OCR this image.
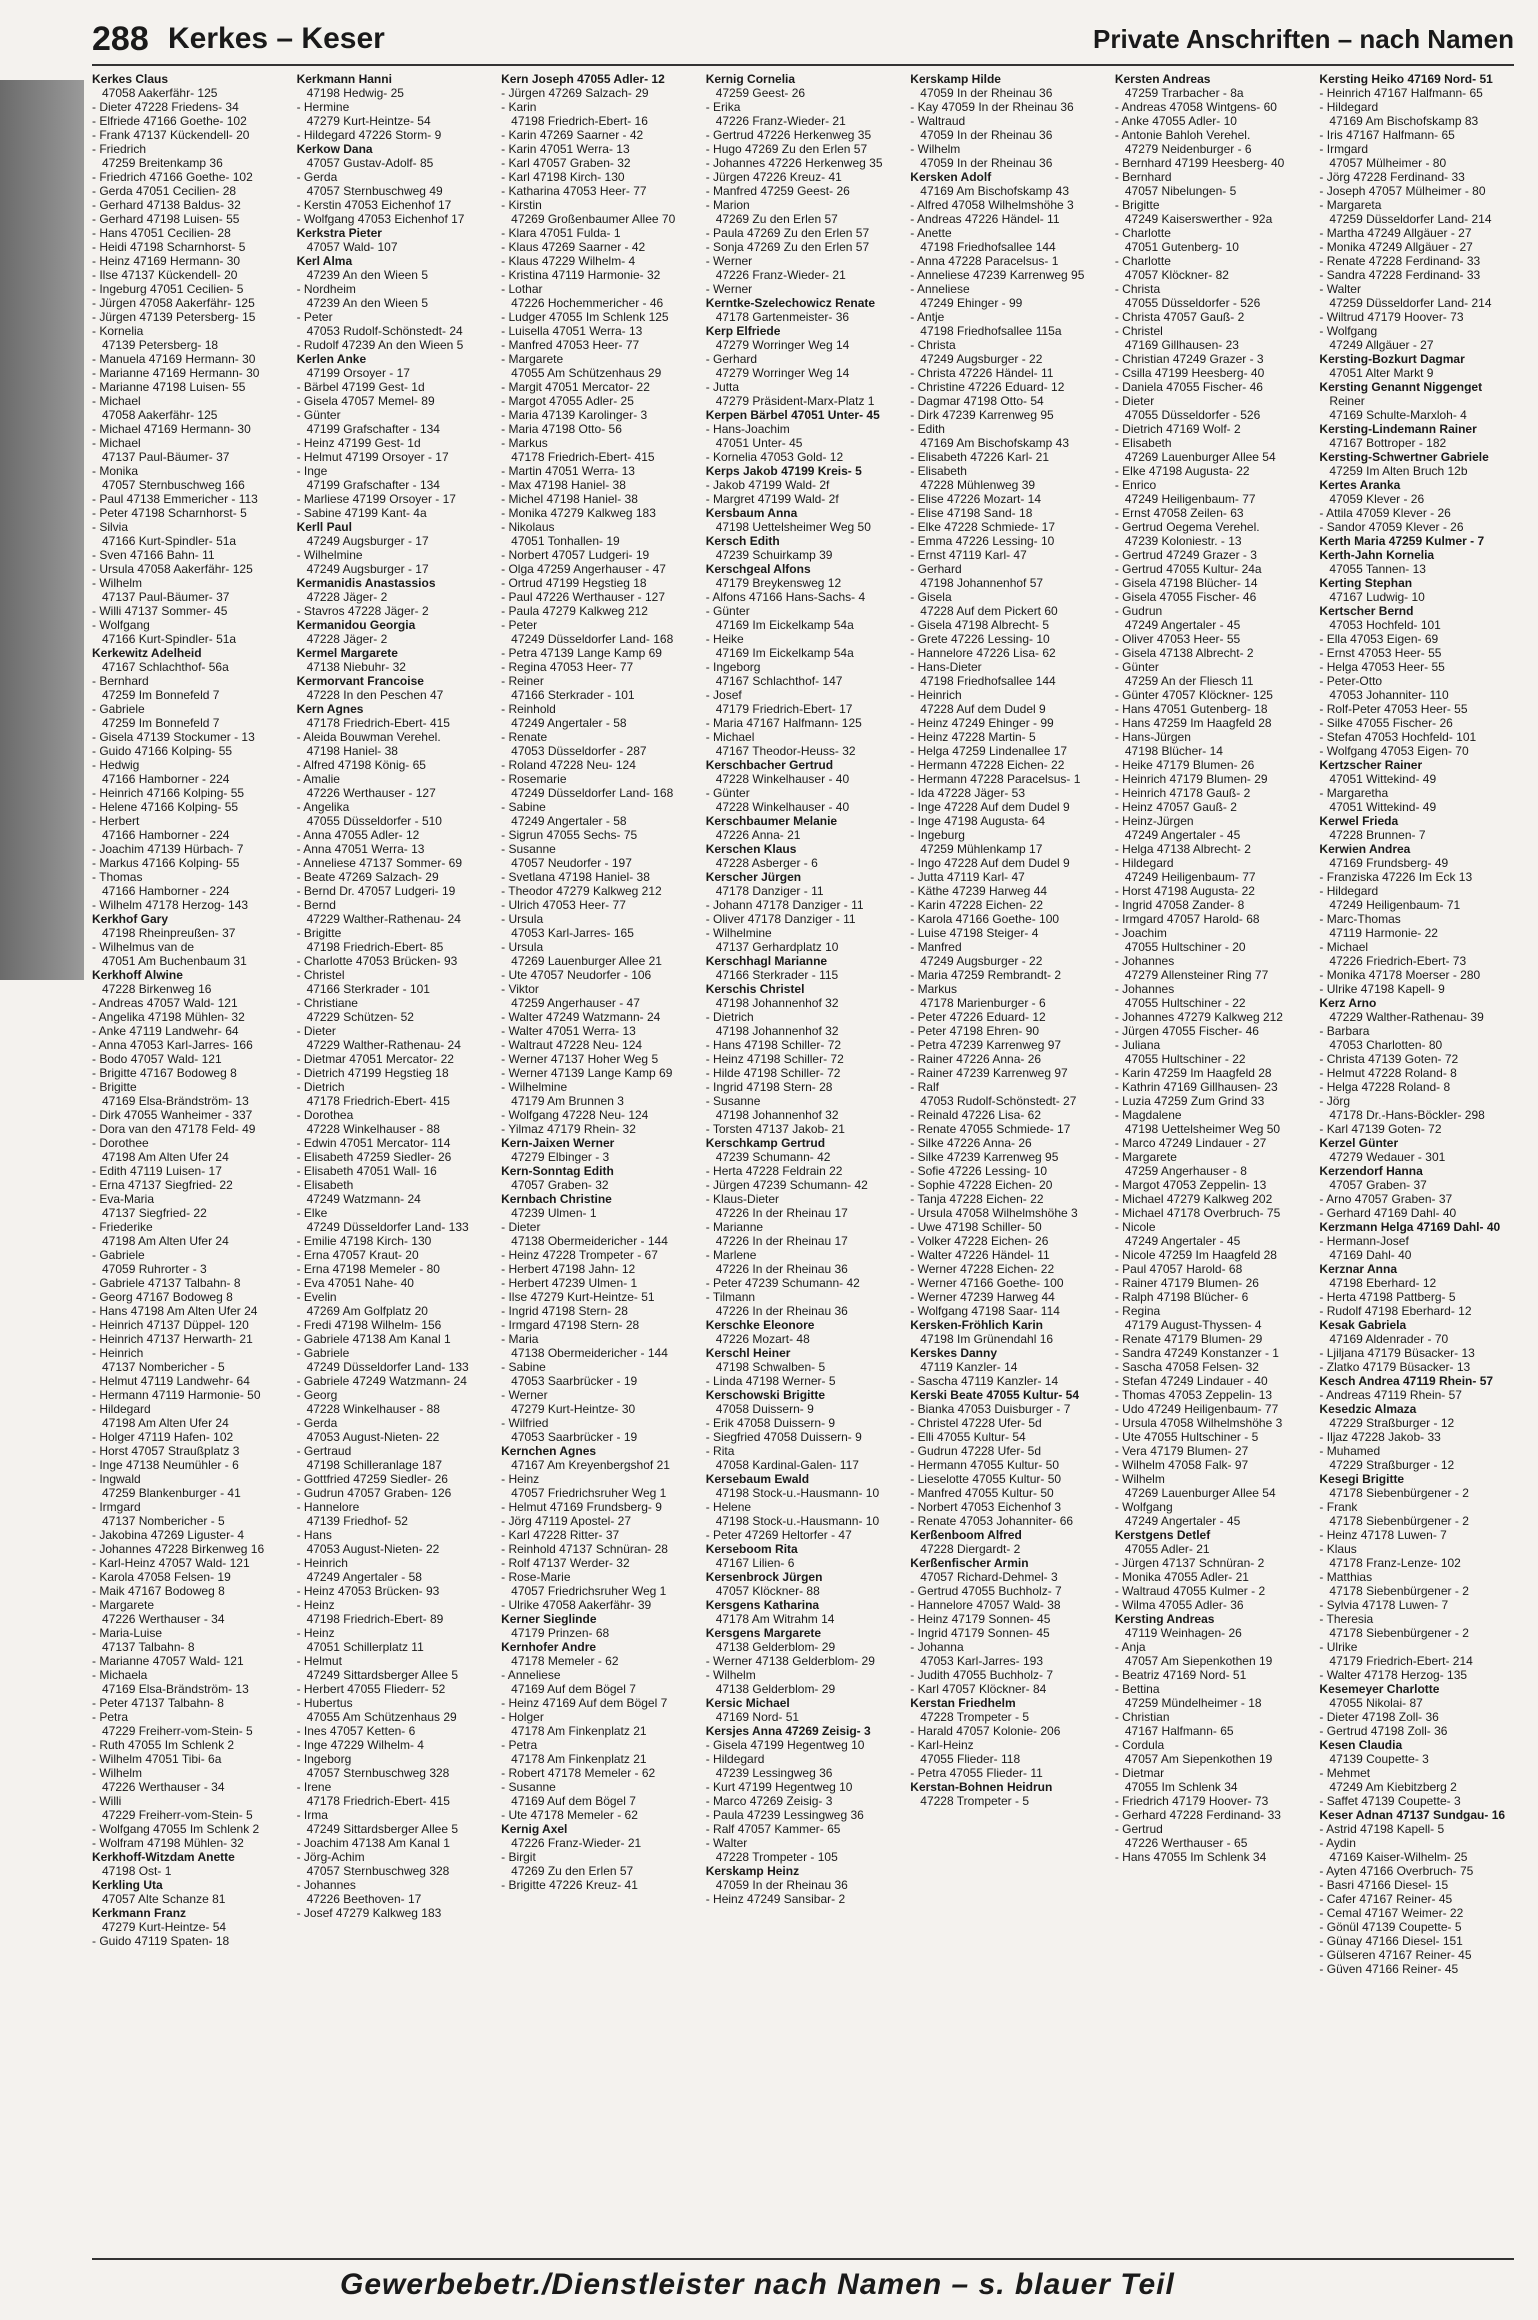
288 Kerkes – Keser	Private Anschriften – nach Namen
Kerkes Claus
47058 Aakerfähr- 125
- Dieter 47228 Friedens- 34
- Elfriede 47166 Goethe- 102
- Frank 47137 Kückendell- 20
- Friedrich
47259 Breitenkamp 36
- Friedrich 47166 Goethe- 102
- Gerda 47051 Cecilien- 28
- Gerhard 47138 Baldus- 32
- Gerhard 47198 Luisen- 55
- Hans 47051 Cecilien- 28
- Heidi 47198 Scharnhorst- 5
- Heinz 47169 Hermann- 30
- Ilse 47137 Kückendell- 20
- Ingeburg 47051 Cecilien- 5
- Jürgen 47058 Aakerfähr- 125
- Jürgen 47139 Petersberg- 15
- Kornelia
47139 Petersberg- 18
- Manuela 47169 Hermann- 30
- Marianne 47169 Hermann- 30
- Marianne 47198 Luisen- 55
- Michael
47058 Aakerfähr- 125
- Michael 47169 Hermann- 30
- Michael
47137 Paul-Bäumer- 37
- Monika
47057 Sternbuschweg 166
- Paul 47138 Emmericher - 113
- Peter 47198 Scharnhorst- 5
- Silvia
47166 Kurt-Spindler- 51a
- Sven 47166 Bahn- 11
- Ursula 47058 Aakerfähr- 125
- Wilhelm
47137 Paul-Bäumer- 37
- Willi 47137 Sommer- 45
- Wolfgang
47166 Kurt-Spindler- 51a
Kerkewitz Adelheid
47167 Schlachthof- 56a
- Bernhard
47259 Im Bonnefeld 7
- Gabriele
47259 Im Bonnefeld 7
- Gisela 47139 Stockumer - 13
- Guido 47166 Kolping- 55
- Hedwig
47166 Hamborner - 224
- Heinrich 47166 Kolping- 55
- Helene 47166 Kolping- 55
- Herbert
47166 Hamborner - 224
- Joachim 47139 Hürbach- 7
- Markus 47166 Kolping- 55
- Thomas
47166 Hamborner - 224
- Wilhelm 47178 Herzog- 143
Kerkhof Gary
47198 Rheinpreußen- 37
- Wilhelmus van de
47051 Am Buchenbaum 31
Kerkhoff Alwine
47228 Birkenweg 16
- Andreas 47057 Wald- 121
- Angelika 47198 Mühlen- 32
- Anke 47119 Landwehr- 64
- Anna 47053 Karl-Jarres- 166
- Bodo 47057 Wald- 121
- Brigitte 47167 Bodoweg 8
- Brigitte
47169 Elsa-Brändström- 13
- Dirk 47055 Wanheimer - 337
- Dora van den 47178 Feld- 49
- Dorothee
47198 Am Alten Ufer 24
- Edith 47119 Luisen- 17
- Erna 47137 Siegfried- 22
- Eva-Maria
47137 Siegfried- 22
- Friederike
47198 Am Alten Ufer 24
- Gabriele
47059 Ruhrorter - 3
- Gabriele 47137 Talbahn- 8
- Georg 47167 Bodoweg 8
- Hans 47198 Am Alten Ufer 24
- Heinrich 47137 Düppel- 120
- Heinrich 47137 Herwarth- 21
- Heinrich
47137 Nombericher - 5
- Helmut 47119 Landwehr- 64
- Hermann 47119 Harmonie- 50
- Hildegard
47198 Am Alten Ufer 24
- Holger 47119 Hafen- 102
- Horst 47057 Straußplatz 3
- Inge 47138 Neumühler - 6
- Ingwald
47259 Blankenburger - 41
- Irmgard
47137 Nombericher - 5
- Jakobina 47269 Liguster- 4
- Johannes 47228 Birkenweg 16
- Karl-Heinz 47057 Wald- 121
- Karola 47058 Felsen- 19
- Maik 47167 Bodoweg 8
- Margarete
47226 Werthauser - 34
- Maria-Luise
47137 Talbahn- 8
- Marianne 47057 Wald- 121
- Michaela
47169 Elsa-Brändström- 13
- Peter 47137 Talbahn- 8
- Petra
47229 Freiherr-vom-Stein- 5
- Ruth 47055 Im Schlenk 2
- Wilhelm 47051 Tibi- 6a
- Wilhelm
47226 Werthauser - 34
- Willi
47229 Freiherr-vom-Stein- 5
- Wolfgang 47055 Im Schlenk 2
- Wolfram 47198 Mühlen- 32
Kerkhoff-Witzdam Anette
47198 Ost- 1
Kerkling Uta
47057 Alte Schanze 81
Kerkmann Franz
47279 Kurt-Heintze- 54
- Guido 47119 Spaten- 18
Kerkmann Hanni
47198 Hedwig- 25
- Hermine
47279 Kurt-Heintze- 54
- Hildegard 47226 Storm- 9
Kerkow Dana
47057 Gustav-Adolf- 85
- Gerda
47057 Sternbuschweg 49
- Kerstin 47053 Eichenhof 17
- Wolfgang 47053 Eichenhof 17
Kerkstra Pieter
47057 Wald- 107
Kerl Alma
47239 An den Wieen 5
- Nordheim
47239 An den Wieen 5
- Peter
47053 Rudolf-Schönstedt- 24
- Rudolf 47239 An den Wieen 5
Kerlen Anke
47199 Orsoyer - 17
- Bärbel 47199 Gest- 1d
- Gisela 47057 Memel- 89
- Günter
47199 Grafschafter - 134
- Heinz 47199 Gest- 1d
- Helmut 47199 Orsoyer - 17
- Inge
47199 Grafschafter - 134
- Marliese 47199 Orsoyer - 17
- Sabine 47199 Kant- 4a
Kerll Paul
47249 Augsburger - 17
- Wilhelmine
47249 Augsburger - 17
Kermanidis Anastassios
47228 Jäger- 2
- Stavros 47228 Jäger- 2
Kermanidou Georgia
47228 Jäger- 2
Kermel Margarete
47138 Niebuhr- 32
Kermorvant Francoise
47228 In den Peschen 47
Kern Agnes
47178 Friedrich-Ebert- 415
- Aleida Bouwman Verehel.
47198 Haniel- 38
- Alfred 47198 König- 65
- Amalie
47226 Werthauser - 127
- Angelika
47055 Düsseldorfer - 510
- Anna 47055 Adler- 12
- Anna 47051 Werra- 13
- Anneliese 47137 Sommer- 69
- Beate 47269 Salzach- 29
- Bernd Dr. 47057 Ludgeri- 19
- Bernd
47229 Walther-Rathenau- 24
- Brigitte
47198 Friedrich-Ebert- 85
- Charlotte 47053 Brücken- 93
- Christel
47166 Sterkrader - 101
- Christiane
47229 Schützen- 52
- Dieter
47229 Walther-Rathenau- 24
- Dietmar 47051 Mercator- 22
- Dietrich 47199 Hegstieg 18
- Dietrich
47178 Friedrich-Ebert- 415
- Dorothea
47228 Winkelhauser - 88
- Edwin 47051 Mercator- 114
- Elisabeth 47259 Siedler- 26
- Elisabeth 47051 Wall- 16
- Elisabeth
47249 Watzmann- 24
- Elke
47249 Düsseldorfer Land- 133
- Emilie 47198 Kirch- 130
- Erna 47057 Kraut- 20
- Erna 47198 Memeler - 80
- Eva 47051 Nahe- 40
- Evelin
47269 Am Golfplatz 20
- Fredi 47198 Wilhelm- 156
- Gabriele 47138 Am Kanal 1
- Gabriele
47249 Düsseldorfer Land- 133
- Gabriele 47249 Watzmann- 24
- Georg
47228 Winkelhauser - 88
- Gerda
47053 August-Nieten- 22
- Gertraud
47198 Schilleranlage 187
- Gottfried 47259 Siedler- 26
- Gudrun 47057 Graben- 126
- Hannelore
47139 Friedhof- 52
- Hans
47053 August-Nieten- 22
- Heinrich
47249 Angertaler - 58
- Heinz 47053 Brücken- 93
- Heinz
47198 Friedrich-Ebert- 89
- Heinz
47051 Schillerplatz 11
- Helmut
47249 Sittardsberger Allee 5
- Herbert 47055 Fliederr- 52
- Hubertus
47055 Am Schützenhaus 29
- Ines 47057 Ketten- 6
- Inge 47229 Wilhelm- 4
- Ingeborg
47057 Sternbuschweg 328
- Irene
47178 Friedrich-Ebert- 415
- Irma
47249 Sittardsberger Allee 5
- Joachim 47138 Am Kanal 1
- Jörg-Achim
47057 Sternbuschweg 328
- Johannes
47226 Beethoven- 17
- Josef 47279 Kalkweg 183
Kern Joseph 47055 Adler- 12
- Jürgen 47269 Salzach- 29
- Karin
47198 Friedrich-Ebert- 16
- Karin 47269 Saarner - 42
- Karin 47051 Werra- 13
- Karl 47057 Graben- 32
- Karl 47198 Kirch- 130
- Katharina 47053 Heer- 77
- Kirstin
47269 Großenbaumer Allee 70
- Klara 47051 Fulda- 1
- Klaus 47269 Saarner - 42
- Klaus 47229 Wilhelm- 4
- Kristina 47119 Harmonie- 32
- Lothar
47226 Hochemmericher - 46
- Ludger 47055 Im Schlenk 125
- Luisella 47051 Werra- 13
- Manfred 47053 Heer- 77
- Margarete
47055 Am Schützenhaus 29
- Margit 47051 Mercator- 22
- Margot 47055 Adler- 25
- Maria 47139 Karolinger- 3
- Maria 47198 Otto- 56
- Markus
47178 Friedrich-Ebert- 415
- Martin 47051 Werra- 13
- Max 47198 Haniel- 38
- Michel 47198 Haniel- 38
- Monika 47279 Kalkweg 183
- Nikolaus
47051 Tonhallen- 19
- Norbert 47057 Ludgeri- 19
- Olga 47259 Angerhauser - 47
- Ortrud 47199 Hegstieg 18
- Paul 47226 Werthauser - 127
- Paula 47279 Kalkweg 212
- Peter
47249 Düsseldorfer Land- 168
- Petra 47139 Lange Kamp 69
- Regina 47053 Heer- 77
- Reiner
47166 Sterkrader - 101
- Reinhold
47249 Angertaler - 58
- Renate
47053 Düsseldorfer - 287
- Roland 47228 Neu- 124
- Rosemarie
47249 Düsseldorfer Land- 168
- Sabine
47249 Angertaler - 58
- Sigrun 47055 Sechs- 75
- Susanne
47057 Neudorfer - 197
- Svetlana 47198 Haniel- 38
- Theodor 47279 Kalkweg 212
- Ulrich 47053 Heer- 77
- Ursula
47053 Karl-Jarres- 165
- Ursula
47269 Lauenburger Allee 21
- Ute 47057 Neudorfer - 106
- Viktor
47259 Angerhauser - 47
- Walter 47249 Watzmann- 24
- Walter 47051 Werra- 13
- Waltraut 47228 Neu- 124
- Werner 47137 Hoher Weg 5
- Werner 47139 Lange Kamp 69
- Wilhelmine
47179 Am Brunnen 3
- Wolfgang 47228 Neu- 124
- Yilmaz 47179 Rhein- 32
Kern-Jaixen Werner
47279 Elbinger - 3
Kern-Sonntag Edith
47057 Graben- 32
Kernbach Christine
47239 Ulmen- 1
- Dieter
47138 Obermeidericher - 144
- Heinz 47228 Trompeter - 67
- Herbert 47198 Jahn- 12
- Herbert 47239 Ulmen- 1
- Ilse 47279 Kurt-Heintze- 51
- Ingrid 47198 Stern- 28
- Irmgard 47198 Stern- 28
- Maria
47138 Obermeidericher - 144
- Sabine
47053 Saarbrücker - 19
- Werner
47279 Kurt-Heintze- 30
- Wilfried
47053 Saarbrücker - 19
Kernchen Agnes
47167 Am Kreyenbergshof 21
- Heinz
47057 Friedrichsruher Weg 1
- Helmut 47169 Frundsberg- 9
- Jörg 47119 Apostel- 27
- Karl 47228 Ritter- 37
- Reinhold 47137 Schnüran- 28
- Rolf 47137 Werder- 32
- Rose-Marie
47057 Friedrichsruher Weg 1
- Ulrike 47058 Aakerfähr- 39
Kerner Sieglinde
47179 Prinzen- 68
Kernhofer Andre
47178 Memeler - 62
- Anneliese
47169 Auf dem Bögel 7
- Heinz 47169 Auf dem Bögel 7
- Holger
47178 Am Finkenplatz 21
- Petra
47178 Am Finkenplatz 21
- Robert 47178 Memeler - 62
- Susanne
47169 Auf dem Bögel 7
- Ute 47178 Memeler - 62
Kernig Axel
47226 Franz-Wieder- 21
- Birgit
47269 Zu den Erlen 57
- Brigitte 47226 Kreuz- 41
Kernig Cornelia
47259 Geest- 26
- Erika
47226 Franz-Wieder- 21
- Gertrud 47226 Herkenweg 35
- Hugo 47269 Zu den Erlen 57
- Johannes 47226 Herkenweg 35
- Jürgen 47226 Kreuz- 41
- Manfred 47259 Geest- 26
- Marion
47269 Zu den Erlen 57
- Paula 47269 Zu den Erlen 57
- Sonja 47269 Zu den Erlen 57
- Werner
47226 Franz-Wieder- 21
- Werner
Kerntke-Szelechowicz Renate
47178 Gartenmeister- 36
Kerp Elfriede
47279 Worringer Weg 14
- Gerhard
47279 Worringer Weg 14
- Jutta
47279 Präsident-Marx-Platz 1
Kerpen Bärbel 47051 Unter- 45
- Hans-Joachim
47051 Unter- 45
- Kornelia 47053 Gold- 12
Kerps Jakob 47199 Kreis- 5
- Jakob 47199 Wald- 2f
- Margret 47199 Wald- 2f
Kersbaum Anna
47198 Uettelsheimer Weg 50
Kersch Edith
47239 Schuirkamp 39
Kerschgeal Alfons
47179 Breykensweg 12
- Alfons 47166 Hans-Sachs- 4
- Günter
47169 Im Eickelkamp 54a
- Heike
47169 Im Eickelkamp 54a
- Ingeborg
47167 Schlachthof- 147
- Josef
47179 Friedrich-Ebert- 17
- Maria 47167 Halfmann- 125
- Michael
47167 Theodor-Heuss- 32
Kerschbacher Gertrud
47228 Winkelhauser - 40
- Günter
47228 Winkelhauser - 40
Kerschbaumer Melanie
47226 Anna- 21
Kerschen Klaus
47228 Asberger - 6
Kerscher Jürgen
47178 Danziger - 11
- Johann 47178 Danziger - 11
- Oliver 47178 Danziger - 11
- Wilhelmine
47137 Gerhardplatz 10
Kerschhagl Marianne
47166 Sterkrader - 115
Kerschis Christel
47198 Johannenhof 32
- Dietrich
47198 Johannenhof 32
- Hans 47198 Schiller- 72
- Heinz 47198 Schiller- 72
- Hilde 47198 Schiller- 72
- Ingrid 47198 Stern- 28
- Susanne
47198 Johannenhof 32
- Torsten 47137 Jakob- 21
Kerschkamp Gertrud
47239 Schumann- 42
- Herta 47228 Feldrain 22
- Jürgen 47239 Schumann- 42
- Klaus-Dieter
47226 In der Rheinau 17
- Marianne
47226 In der Rheinau 17
- Marlene
47226 In der Rheinau 36
- Peter 47239 Schumann- 42
- Tilmann
47226 In der Rheinau 36
Kerschke Eleonore
47226 Mozart- 48
Kerschl Heiner
47198 Schwalben- 5
- Linda 47198 Werner- 5
Kerschowski Brigitte
47058 Duissern- 9
- Erik 47058 Duissern- 9
- Siegfried 47058 Duissern- 9
- Rita
47058 Kardinal-Galen- 117
Kersebaum Ewald
47198 Stock-u.-Hausmann- 10
- Helene
47198 Stock-u.-Hausmann- 10
- Peter 47269 Heltorfer - 47
Kerseboom Rita
47167 Lilien- 6
Kersenbrock Jürgen
47057 Klöckner- 88
Kersgens Katharina
47178 Am Witrahm 14
Kersgens Margarete
47138 Gelderblom- 29
- Werner 47138 Gelderblom- 29
- Wilhelm
47138 Gelderblom- 29
Kersic Michael
47169 Nord- 51
Kersjes Anna 47269 Zeisig- 3
- Gisela 47199 Hegentweg 10
- Hildegard
47239 Lessingweg 36
- Kurt 47199 Hegentweg 10
- Marco 47269 Zeisig- 3
- Paula 47239 Lessingweg 36
- Ralf 47057 Kammer- 65
- Walter
47228 Trompeter - 105
Kerskamp Heinz
47059 In der Rheinau 36
- Heinz 47249 Sansibar- 2
Kerskamp Hilde
47059 In der Rheinau 36
- Kay 47059 In der Rheinau 36
- Waltraud
47059 In der Rheinau 36
- Wilhelm
47059 In der Rheinau 36
Kersken Adolf
47169 Am Bischofskamp 43
- Alfred 47058 Wilhelmshöhe 3
- Andreas 47226 Händel- 11
- Anette
47198 Friedhofsallee 144
- Anna 47228 Paracelsus- 1
- Anneliese 47239 Karrenweg 95
- Anneliese
47249 Ehinger - 99
- Antje
47198 Friedhofsallee 115a
- Christa
47249 Augsburger - 22
- Christa 47226 Händel- 11
- Christine 47226 Eduard- 12
- Dagmar 47198 Otto- 54
- Dirk 47239 Karrenweg 95
- Edith
47169 Am Bischofskamp 43
- Elisabeth 47226 Karl- 21
- Elisabeth
47228 Mühlenweg 39
- Elise 47226 Mozart- 14
- Elise 47198 Sand- 18
- Elke 47228 Schmiede- 17
- Emma 47226 Lessing- 10
- Ernst 47119 Karl- 47
- Gerhard
47198 Johannenhof 57
- Gisela
47228 Auf dem Pickert 60
- Gisela 47198 Albrecht- 5
- Grete 47226 Lessing- 10
- Hannelore 47226 Lisa- 62
- Hans-Dieter
47198 Friedhofsallee 144
- Heinrich
47228 Auf dem Dudel 9
- Heinz 47249 Ehinger - 99
- Heinz 47228 Martin- 5
- Helga 47259 Lindenallee 17
- Hermann 47228 Eichen- 22
- Hermann 47228 Paracelsus- 1
- Ida 47228 Jäger- 53
- Inge 47228 Auf dem Dudel 9
- Inge 47198 Augusta- 64
- Ingeburg
47259 Mühlenkamp 17
- Ingo 47228 Auf dem Dudel 9
- Jutta 47119 Karl- 47
- Käthe 47239 Harweg 44
- Karin 47228 Eichen- 22
- Karola 47166 Goethe- 100
- Luise 47198 Steiger- 4
- Manfred
47249 Augsburger - 22
- Maria 47259 Rembrandt- 2
- Markus
47178 Marienburger - 6
- Peter 47226 Eduard- 12
- Peter 47198 Ehren- 90
- Petra 47239 Karrenweg 97
- Rainer 47226 Anna- 26
- Rainer 47239 Karrenweg 97
- Ralf
47053 Rudolf-Schönstedt- 27
- Reinald 47226 Lisa- 62
- Renate 47055 Schmiede- 17
- Silke 47226 Anna- 26
- Silke 47239 Karrenweg 95
- Sofie 47226 Lessing- 10
- Sophie 47228 Eichen- 20
- Tanja 47228 Eichen- 22
- Ursula 47058 Wilhelmshöhe 3
- Uwe 47198 Schiller- 50
- Volker 47228 Eichen- 26
- Walter 47226 Händel- 11
- Werner 47228 Eichen- 22
- Werner 47166 Goethe- 100
- Werner 47239 Harweg 44
- Wolfgang 47198 Saar- 114
Kersken-Fröhlich Karin
47198 Im Grünendahl 16
Kerskes Danny
47119 Kanzler- 14
- Sascha 47119 Kanzler- 14
Kerski Beate 47055 Kultur- 54
- Bianka 47053 Duisburger - 7
- Christel 47228 Ufer- 5d
- Elli 47055 Kultur- 54
- Gudrun 47228 Ufer- 5d
- Hermann 47055 Kultur- 50
- Lieselotte 47055 Kultur- 50
- Manfred 47055 Kultur- 50
- Norbert 47053 Eichenhof 3
- Renate 47053 Johanniter- 66
Kerßenboom Alfred
47228 Diergardt- 2
Kerßenfischer Armin
47057 Richard-Dehmel- 3
- Gertrud 47055 Buchholz- 7
- Hannelore 47057 Wald- 38
- Heinz 47179 Sonnen- 45
- Ingrid 47179 Sonnen- 45
- Johanna
47053 Karl-Jarres- 193
- Judith 47055 Buchholz- 7
- Karl 47057 Klöckner- 84
Kerstan Friedhelm
47228 Trompeter - 5
- Harald 47057 Kolonie- 206
- Karl-Heinz
47055 Flieder- 118
- Petra 47055 Flieder- 11
Kerstan-Bohnen Heidrun
47228 Trompeter - 5
Kersten Andreas
47259 Trarbacher - 8a
- Andreas 47058 Wintgens- 60
- Anke 47055 Adler- 10
- Antonie Bahloh Verehel.
47279 Neidenburger - 6
- Bernhard 47199 Heesberg- 40
- Bernhard
47057 Nibelungen- 5
- Brigitte
47249 Kaiserswerther - 92a
- Charlotte
47051 Gutenberg- 10
- Charlotte
47057 Klöckner- 82
- Christa
47055 Düsseldorfer - 526
- Christa 47057 Gauß- 2
- Christel
47169 Gillhausen- 23
- Christian 47249 Grazer - 3
- Csilla 47199 Heesberg- 40
- Daniela 47055 Fischer- 46
- Dieter
47055 Düsseldorfer - 526
- Dietrich 47169 Wolf- 2
- Elisabeth
47269 Lauenburger Allee 54
- Elke 47198 Augusta- 22
- Enrico
47249 Heiligenbaum- 77
- Ernst 47058 Zeilen- 63
- Gertrud Oegema Verehel.
47239 Koloniestr. - 13
- Gertrud 47249 Grazer - 3
- Gertrud 47055 Kultur- 24a
- Gisela 47198 Blücher- 14
- Gisela 47055 Fischer- 46
- Gudrun
47249 Angertaler - 45
- Oliver 47053 Heer- 55
- Gisela 47138 Albrecht- 2
- Günter
47259 An der Fliesch 11
- Günter 47057 Klöckner- 125
- Hans 47051 Gutenberg- 18
- Hans 47259 Im Haagfeld 28
- Hans-Jürgen
47198 Blücher- 14
- Heike 47179 Blumen- 26
- Heinrich 47179 Blumen- 29
- Heinrich 47178 Gauß- 2
- Heinz 47057 Gauß- 2
- Heinz-Jürgen
47249 Angertaler - 45
- Helga 47138 Albrecht- 2
- Hildegard
47249 Heiligenbaum- 77
- Horst 47198 Augusta- 22
- Ingrid 47058 Zander- 8
- Irmgard 47057 Harold- 68
- Joachim
47055 Hultschiner - 20
- Johannes
47279 Allensteiner Ring 77
- Johannes
47055 Hultschiner - 22
- Johannes 47279 Kalkweg 212
- Jürgen 47055 Fischer- 46
- Juliana
47055 Hultschiner - 22
- Karin 47259 Im Haagfeld 28
- Kathrin 47169 Gillhausen- 23
- Luzia 47259 Zum Grind 33
- Magdalene
47198 Uettelsheimer Weg 50
- Marco 47249 Lindauer - 27
- Margarete
47259 Angerhauser - 8
- Margot 47053 Zeppelin- 13
- Michael 47279 Kalkweg 202
- Michael 47178 Overbruch- 75
- Nicole
47249 Angertaler - 45
- Nicole 47259 Im Haagfeld 28
- Paul 47057 Harold- 68
- Rainer 47179 Blumen- 26
- Ralph 47198 Blücher- 6
- Regina
47179 August-Thyssen- 4
- Renate 47179 Blumen- 29
- Sandra 47249 Konstanzer - 1
- Sascha 47058 Felsen- 32
- Stefan 47249 Lindauer - 40
- Thomas 47053 Zeppelin- 13
- Udo 47249 Heiligenbaum- 77
- Ursula 47058 Wilhelmshöhe 3
- Ute 47055 Hultschiner - 5
- Vera 47179 Blumen- 27
- Wilhelm 47058 Falk- 97
- Wilhelm
47269 Lauenburger Allee 54
- Wolfgang
47249 Angertaler - 45
Kerstgens Detlef
47055 Adler- 21
- Jürgen 47137 Schnüran- 2
- Monika 47055 Adler- 21
- Waltraud 47055 Kulmer - 2
- Wilma 47055 Adler- 36
Kersting Andreas
47119 Weinhagen- 26
- Anja
47057 Am Siepenkothen 19
- Beatriz 47169 Nord- 51
- Bettina
47259 Mündelheimer - 18
- Christian
47167 Halfmann- 65
- Cordula
47057 Am Siepenkothen 19
- Dietmar
47055 Im Schlenk 34
- Friedrich 47179 Hoover- 73
- Gerhard 47228 Ferdinand- 33
- Gertrud
47226 Werthauser - 65
- Hans 47055 Im Schlenk 34
Kersting Heiko 47169 Nord- 51
- Heinrich 47167 Halfmann- 65
- Hildegard
47169 Am Bischofskamp 83
- Iris 47167 Halfmann- 65
- Irmgard
47057 Mülheimer - 80
- Jörg 47228 Ferdinand- 33
- Joseph 47057 Mülheimer - 80
- Margareta
47259 Düsseldorfer Land- 214
- Martha 47249 Allgäuer - 27
- Monika 47249 Allgäuer - 27
- Renate 47228 Ferdinand- 33
- Sandra 47228 Ferdinand- 33
- Walter
47259 Düsseldorfer Land- 214
- Wiltrud 47179 Hoover- 73
- Wolfgang
47249 Allgäuer - 27
Kersting-Bozkurt Dagmar
47051 Alter Markt 9
Kersting Genannt Niggenget
Reiner
47169 Schulte-Marxloh- 4
Kersting-Lindemann Rainer
47167 Bottroper - 182
Kersting-Schwertner Gabriele
47259 Im Alten Bruch 12b
Kertes Aranka
47059 Klever - 26
- Attila 47059 Klever - 26
- Sandor 47059 Klever - 26
Kerth Maria 47259 Kulmer - 7
Kerth-Jahn Kornelia
47055 Tannen- 13
Kerting Stephan
47167 Ludwig- 10
Kertscher Bernd
47053 Hochfeld- 101
- Ella 47053 Eigen- 69
- Ernst 47053 Heer- 55
- Helga 47053 Heer- 55
- Peter-Otto
47053 Johanniter- 110
- Rolf-Peter 47053 Heer- 55
- Silke 47055 Fischer- 26
- Stefan 47053 Hochfeld- 101
- Wolfgang 47053 Eigen- 70
Kertzscher Rainer
47051 Wittekind- 49
- Margaretha
47051 Wittekind- 49
Kerwel Frieda
47228 Brunnen- 7
Kerwien Andrea
47169 Frundsberg- 49
- Franziska 47226 Im Eck 13
- Hildegard
47249 Heiligenbaum- 71
- Marc-Thomas
47119 Harmonie- 22
- Michael
47226 Friedrich-Ebert- 73
- Monika 47178 Moerser - 280
- Ulrike 47198 Kapell- 9
Kerz Arno
47229 Walther-Rathenau- 39
- Barbara
47053 Charlotten- 80
- Christa 47139 Goten- 72
- Helmut 47228 Roland- 8
- Helga 47228 Roland- 8
- Jörg
47178 Dr.-Hans-Böckler- 298
- Karl 47139 Goten- 72
Kerzel Günter
47279 Wedauer - 301
Kerzendorf Hanna
47057 Graben- 37
- Arno 47057 Graben- 37
- Gerhard 47169 Dahl- 40
Kerzmann Helga 47169 Dahl- 40
- Hermann-Josef
47169 Dahl- 40
Kerznar Anna
47198 Eberhard- 12
- Herta 47198 Pattberg- 5
- Rudolf 47198 Eberhard- 12
Kesak Gabriela
47169 Aldenrader - 70
- Ljiljana 47179 Büsacker- 13
- Zlatko 47179 Büsacker- 13
Kesch Andrea 47119 Rhein- 57
- Andreas 47119 Rhein- 57
Kesedzic Almaza
47229 Straßburger - 12
- Iljaz 47228 Jakob- 33
- Muhamed
47229 Straßburger - 12
Kesegi Brigitte
47178 Siebenbürgener - 2
- Frank
47178 Siebenbürgener - 2
- Heinz 47178 Luwen- 7
- Klaus
47178 Franz-Lenze- 102
- Matthias
47178 Siebenbürgener - 2
- Sylvia 47178 Luwen- 7
- Theresia
47178 Siebenbürgener - 2
- Ulrike
47179 Friedrich-Ebert- 214
- Walter 47178 Herzog- 135
Kesemeyer Charlotte
47055 Nikolai- 87
- Dieter 47198 Zoll- 36
- Gertrud 47198 Zoll- 36
Kesen Claudia
47139 Coupette- 3
- Mehmet
47249 Am Kiebitzberg 2
- Saffet 47139 Coupette- 3
Keser Adnan 47137 Sundgau- 16
- Astrid 47198 Kapell- 5
- Aydin
47169 Kaiser-Wilhelm- 25
- Ayten 47166 Overbruch- 75
- Basri 47166 Diesel- 15
- Cafer 47167 Reiner- 45
- Cemal 47167 Weimer- 22
- Gönül 47139 Coupette- 5
- Günay 47166 Diesel- 151
- Gülseren 47167 Reiner- 45
- Güven 47166 Reiner- 45
Gewerbebetr./Dienstleister nach Namen – s. blauer Teil
